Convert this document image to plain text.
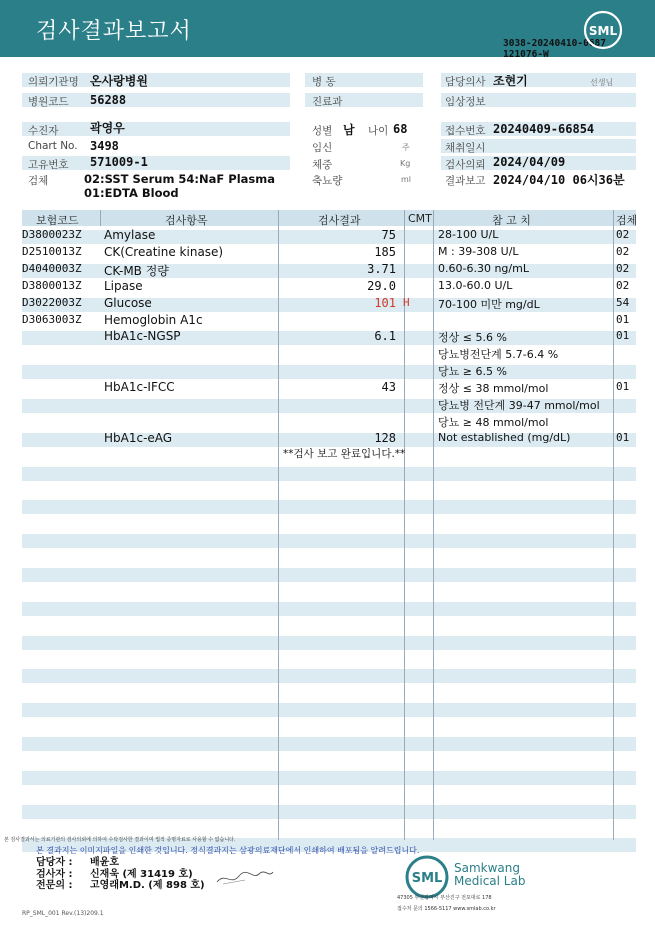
검사결과보고서	3038-20240410-0687
121076-W
SML
의뢰기관명 온사랑병원	병 동	담당의사 조현기	선생님
병원코드 56288	진료과	임상정보
수진자	곽영우	성별 남 나이 68	접수번호 20240409-66854
Chart No. 3498	임신	주	채취일시
고유번호 571009-1	체중	Kg	검사의뢰 2024/04/09
검체	02:SST Serum 54:NaF Plasma
01:EDTA Blood
축뇨량	ml	결과보고 2024/04/10 06시36분
보험코드	검사항목	검사결과	CMT	참 고 치	검체
D3800023Z Amylase	75	28-100 U/L	02
D2510013Z CK(Creatine kinase)	185	M : 39-308 U/L	02
D4040003Z CK-MB 정량	3.71	0.60-6.30 ng/mL	02
D3800013Z Lipase	29.0	13.0-60.0 U/L	02
D3022003Z Glucose	101 H	70-100 미만 mg/dL	54
D3063003Z Hemoglobin A1c	01
HbA1c-NGSP	6.1	정상 ≤ 5.6 %	01
당뇨병전단계 5.7-6.4 %
당뇨 ≥ 6.5 %
HbA1c-IFCC	43	정상 ≤ 38 mmol/mol	01
당뇨병 전단계 39-47 mmol/mol
당뇨 ≥ 48 mmol/mol
HbA1c-eAG	128	Not established (mg/dL)	01
**검사 보고 완료입니다.**
본 검사결과서는 의료기관의 검사의뢰에 의하여 수탁검사한 결과이며 법적 증명자료로 사용할 수 없습니다.
본 결과지는 이미지파일을 인쇄한 것입니다. 정식결과지는 삼광의료재단에서 인쇄하여 배포됨을 알려드립니다.
담당자 : 배윤호
검사자 : 신재욱 (제 31419 호)
전문의 : 고영래M.D. (제 898 호)	SML
Samkwang
Medical Lab
47305 부산광역시 부산진구 전포대로 178
접수처 문의 1566-5117 www.smlab.co.kr
RP_SML_001 Rev.(13)209.1
